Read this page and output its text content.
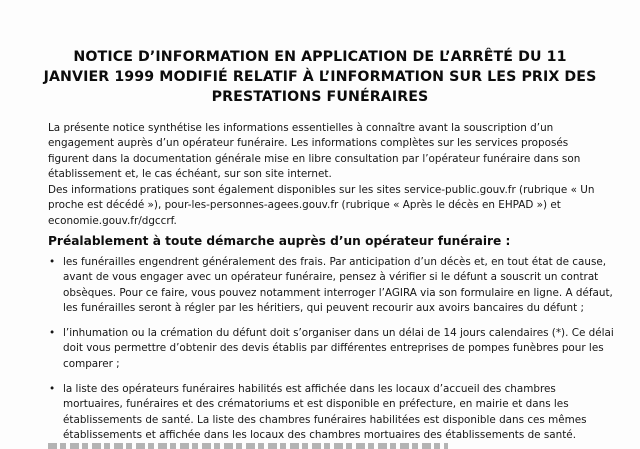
NOTICE D’INFORMATION EN APPLICATION DE L’ARRÊTÉ DU 11 JANVIER 1999 MODIFIÉ RELATIF À L’INFORMATION SUR LES PRIX DES PRESTATIONS FUNÉRAIRES

La présente notice synthétise les informations essentielles à connaître avant la souscription d’un engagement auprès d’un opérateur funéraire. Les informations complètes sur les services proposés figurent dans la documentation générale mise en libre consultation par l’opérateur funéraire dans son établissement et, le cas échéant, sur son site internet.

Des informations pratiques sont également disponibles sur les sites service-public.gouv.fr (rubrique « Un proche est décédé »), pour-les-personnes-agees.gouv.fr (rubrique « Après le décès en EHPAD ») et economie.gouv.fr/dgccrf.

Préalablement à toute démarche auprès d’un opérateur funéraire :
• les funérailles engendrent généralement des frais. Par anticipation d’un décès et, en tout état de cause, avant de vous engager avec un opérateur funéraire, pensez à vérifier si le défunt a souscrit un contrat obsèques. Pour ce faire, vous pouvez notamment interroger l’AGIRA via son formulaire en ligne. A défaut, les funérailles seront à régler par les héritiers, qui peuvent recourir aux avoirs bancaires du défunt ;
• l’inhumation ou la crémation du défunt doit s’organiser dans un délai de 14 jours calendaires (*). Ce délai doit vous permettre d’obtenir des devis établis par différentes entreprises de pompes funèbres pour les comparer ;
• la liste des opérateurs funéraires habilités est affichée dans les locaux d’accueil des chambres mortuaires, funéraires et des crématoriums et est disponible en préfecture, en mairie et dans les établissements de santé. La liste des chambres funéraires habilitées est disponible dans ces mêmes établissements et affichée dans les locaux des chambres mortuaires des établissements de santé.
